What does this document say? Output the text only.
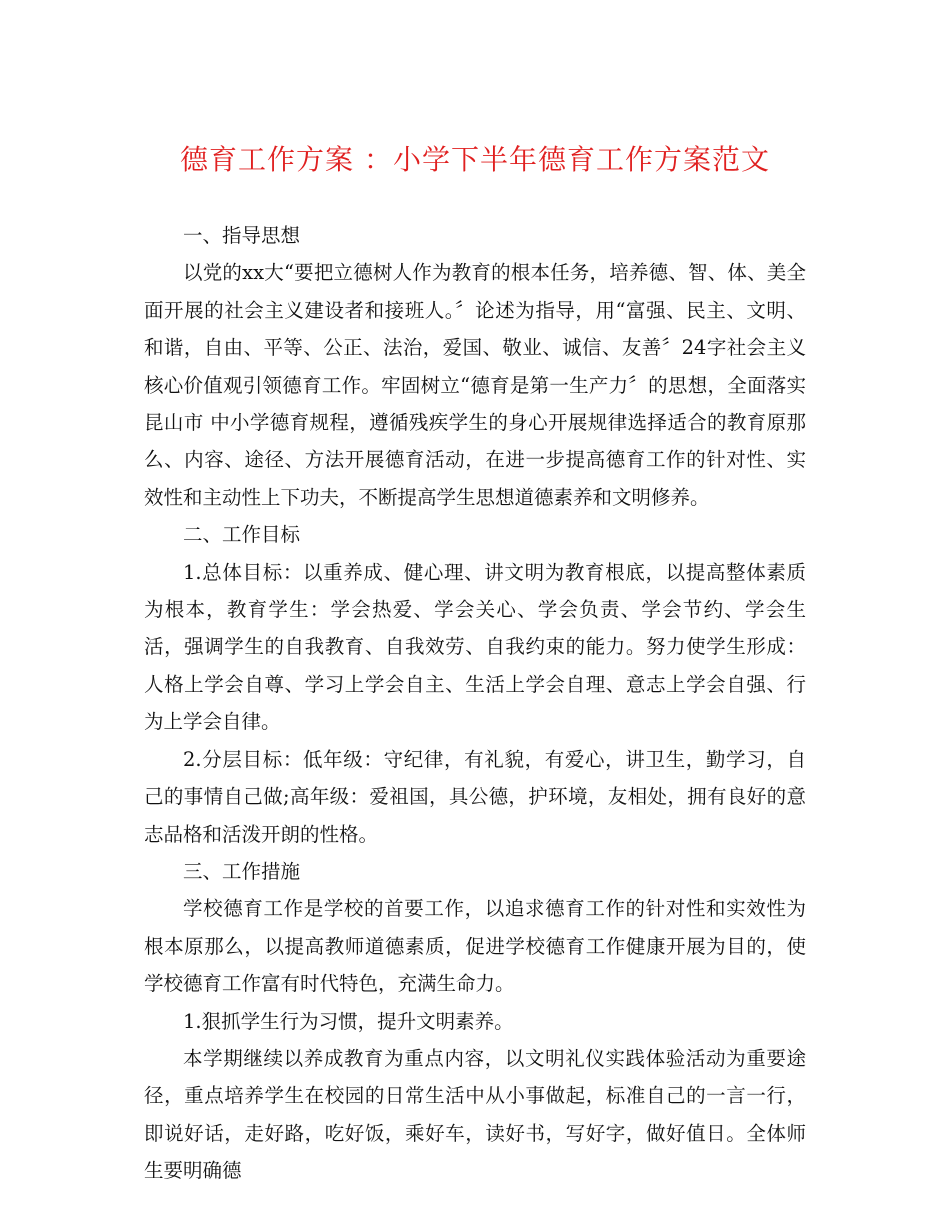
德育工作方案 ：小学下半年德育工作方案范文

一、指导思想

以党的xx大“要把立德树人作为教育的根本任务，培养德、智、体、美全面开展的社会主义建设者和接班人。〞论述为指导，用“富强、民主、文明、 和谐，自由、平等、公正、法治，爱国、敬业、诚信、友善〞24字社会主义核心价值观引领德育工作。牢固树立“德育是第一生产力〞的思想，全面落实昆山市 中小学德育规程，遵循残疾学生的身心开展规律选择适合的教育原那么、内容、途径、方法开展德育活动，在进一步提高德育工作的针对性、实效性和主动性上下功夫，不断提高学生思想道德素养和文明修养。

二、工作目标

1.总体目标：以重养成、健心理、讲文明为教育根底，以提高整体素质为根本，教育学生：学会热爱、学会关心、学会负责、学会节约、学会生活，强调学生的自我教育、自我效劳、自我约束的能力。努力使学生形成：人格上学会自尊、学习上学会自主、生活上学会自理、意志上学会自强、行为上学会自律。

2.分层目标：低年级：守纪律，有礼貌，有爱心，讲卫生，勤学习，自己的事情自己做;高年级：爱祖国，具公德，护环境，友相处，拥有良好的意志品格和活泼开朗的性格。

三、工作措施

学校德育工作是学校的首要工作，以追求德育工作的针对性和实效性为根本原那么，以提高教师道德素质，促进学校德育工作健康开展为目的，使学校德育工作富有时代特色，充满生命力。

1.狠抓学生行为习惯，提升文明素养。

本学期继续以养成教育为重点内容，以文明礼仪实践体验活动为重要途径，重点培养学生在校园的日常生活中从小事做起，标准自己的一言一行，即说好话，走好路，吃好饭，乘好车，读好书，写好字，做好值日。全体师生要明确德
